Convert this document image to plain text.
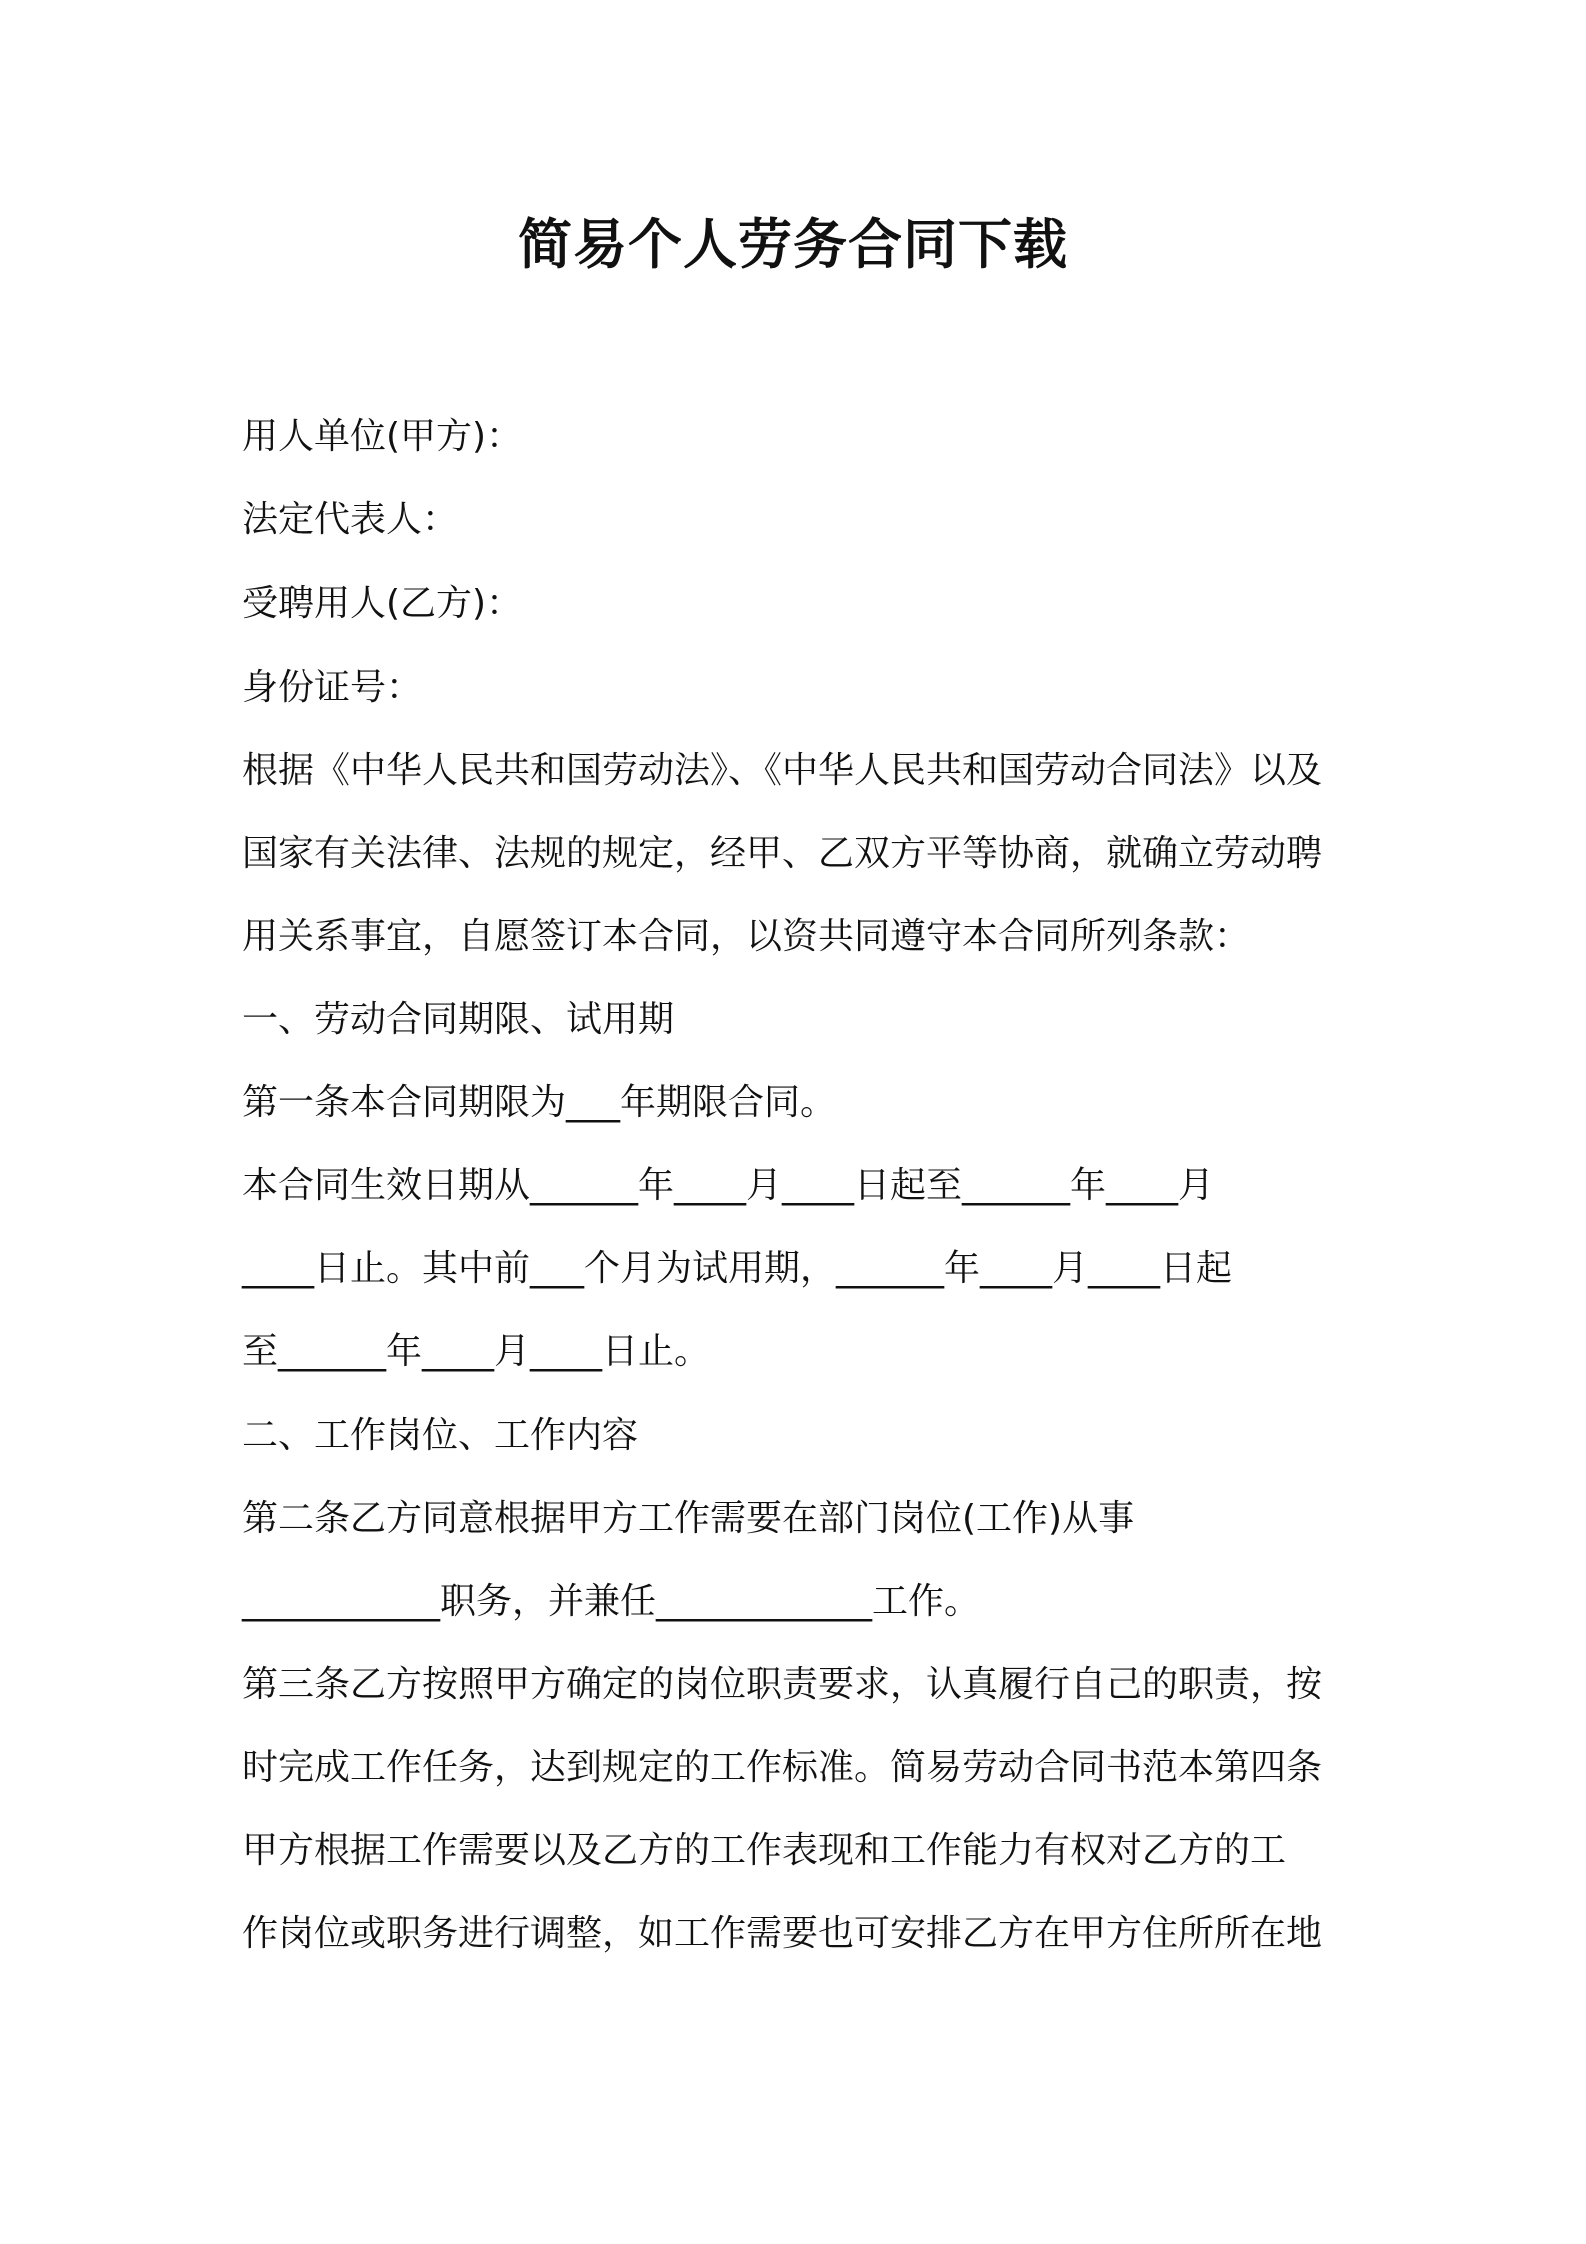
简易个人劳务合同下载
用人单位(甲方)：
法定代表人：
受聘用人(乙方)：
身份证号：
根据《中华人民共和国劳动法》、《中华人民共和国劳动合同法》以及
国家有关法律、法规的规定，经甲、乙双方平等协商，就确立劳动聘
用关系事宜，自愿签订本合同，以资共同遵守本合同所列条款：
一、劳动合同期限、试用期
第一条本合同期限为___年期限合同。
本合同生效日期从______年____月____日起至______年____月
____日止。其中前___个月为试用期，______年____月____日起
至______年____月____日止。
二、工作岗位、工作内容
第二条乙方同意根据甲方工作需要在部门岗位(工作)从事
___________职务，并兼任____________工作。
第三条乙方按照甲方确定的岗位职责要求，认真履行自己的职责，按
时完成工作任务，达到规定的工作标准。简易劳动合同书范本第四条
甲方根据工作需要以及乙方的工作表现和工作能力有权对乙方的工
作岗位或职务进行调整，如工作需要也可安排乙方在甲方住所所在地
